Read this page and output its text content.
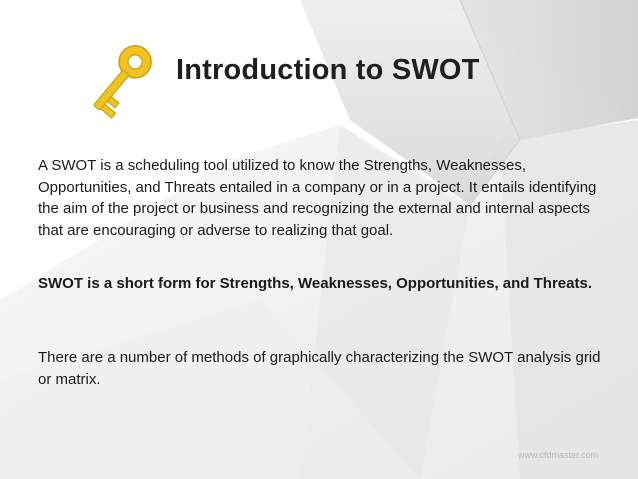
Introduction to SWOT

A SWOT is a scheduling tool utilized to know the Strengths, Weaknesses, Opportunities, and Threats entailed in a company or in a project. It entails identifying the aim of the project or business and recognizing the external and internal aspects that are encouraging or adverse to realizing that goal.

SWOT is a short form for Strengths, Weaknesses, Opportunities, and Threats.

There are a number of methods of graphically characterizing the SWOT analysis grid or matrix.

www.cfdmaster.com
